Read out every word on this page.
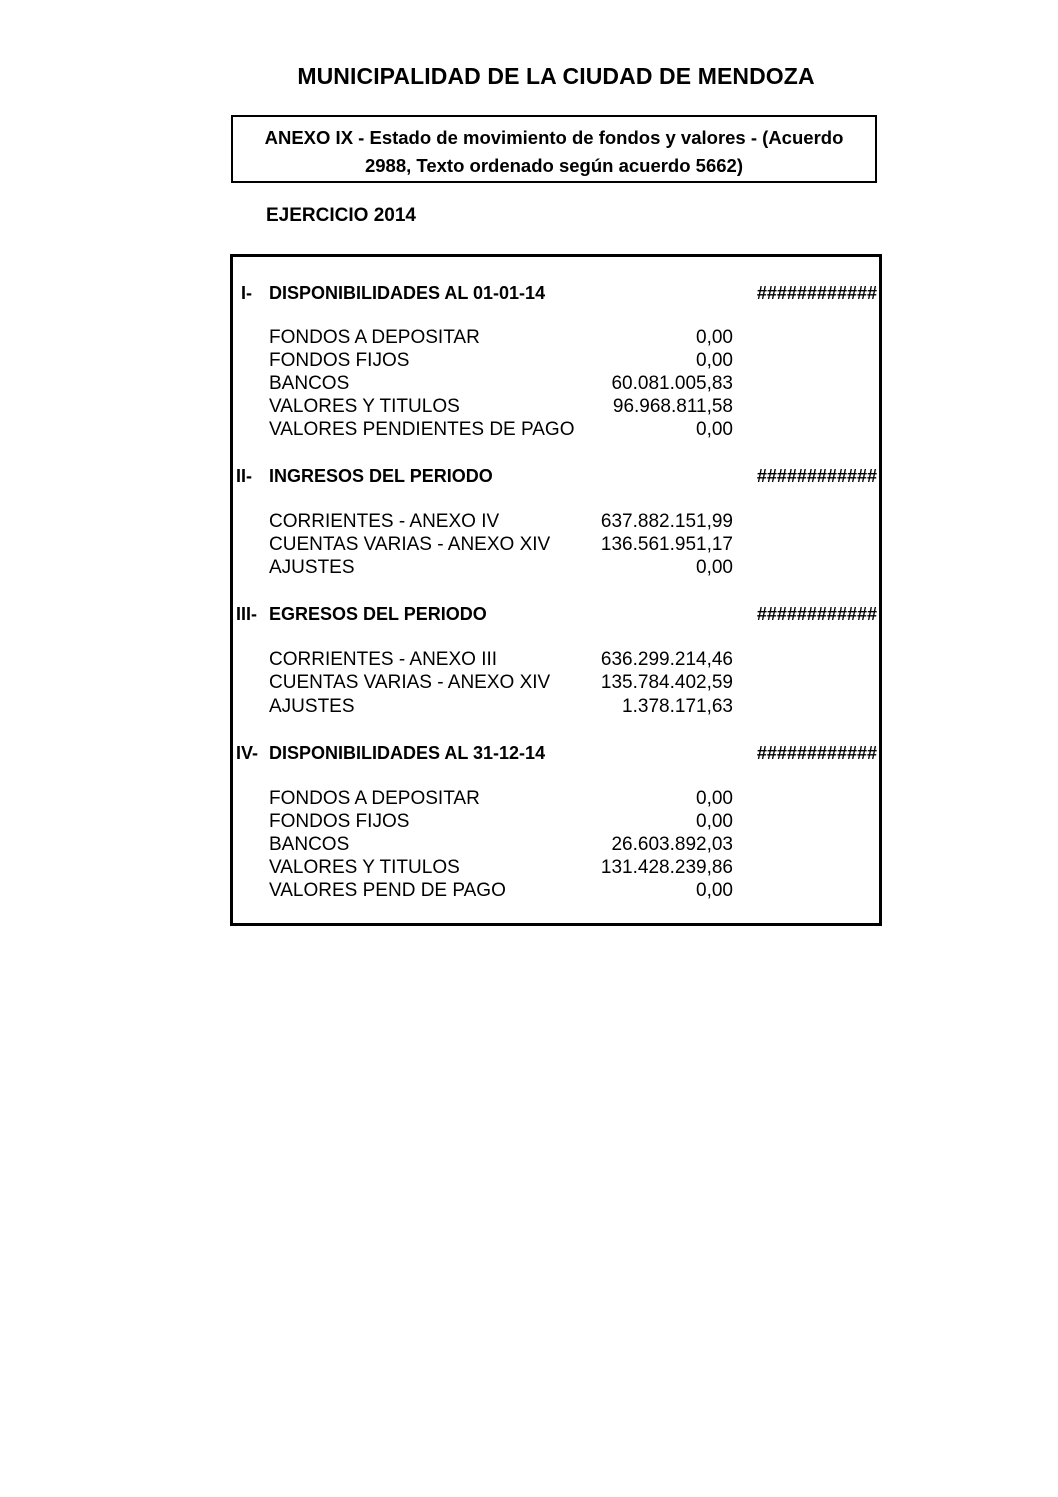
MUNICIPALIDAD DE LA CIUDAD DE MENDOZA
ANEXO IX - Estado de movimiento de fondos y valores - (Acuerdo
2988, Texto ordenado según acuerdo 5662)
EJERCICIO 2014
I- DISPONIBILIDADES AL 01-01-14	############
FONDOS A DEPOSITAR	0,00
FONDOS FIJOS	0,00
BANCOS	60.081.005,83
VALORES Y TITULOS	96.968.811,58
VALORES PENDIENTES DE PAGO	0,00
II- INGRESOS DEL PERIODO	############
CORRIENTES - ANEXO IV	637.882.151,99
CUENTAS VARIAS - ANEXO XIV	136.561.951,17
AJUSTES	0,00
III- EGRESOS DEL PERIODO	############
CORRIENTES - ANEXO III	636.299.214,46
CUENTAS VARIAS - ANEXO XIV	135.784.402,59
AJUSTES	1.378.171,63
IV- DISPONIBILIDADES AL 31-12-14	############
FONDOS A DEPOSITAR	0,00
FONDOS FIJOS	0,00
BANCOS	26.603.892,03
VALORES Y TITULOS	131.428.239,86
VALORES PEND DE PAGO	0,00
